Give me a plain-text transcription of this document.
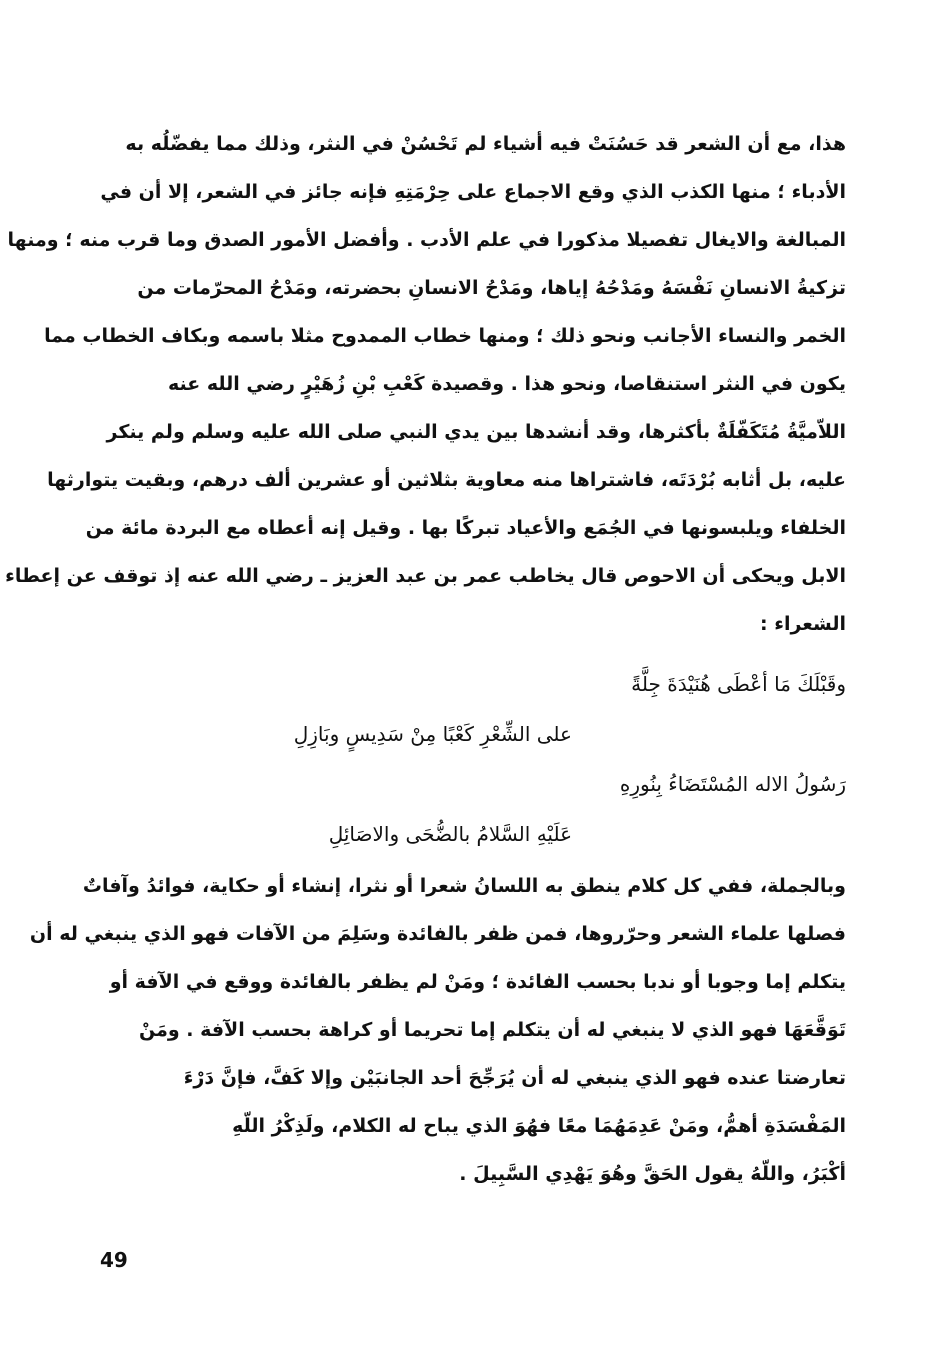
هذا، مع أن الشعر قد حَسُنَتْ فيه أشياء لم تَحْسُنْ في النثر، وذلك مما يفضّلُه به
الأدباء ؛ منها الكذب الذي وقع الاجماع على حِرْمَتِهِ فإنه جائز في الشعر، إلا أن في
المبالغة والايغال تفصيلا مذكورا في علم الأدب . وأفضل الأمور الصدق وما قرب منه ؛ ومنها
تزكيةُ الانسانِ نَفْسَهُ ومَدْحُهُ إياها، ومَدْحُ الانسانِ بحضرته، ومَدْحُ المحرّمات من
الخمر والنساء الأجانب ونحو ذلك ؛ ومنها خطاب الممدوح مثلا باسمه وبكاف الخطاب مما
يكون في النثر استنقاصا، ونحو هذا . وقصيدة كَعْبِ بْنِ زُهَيْرٍ رضي الله عنه
اللاّميَّةُ مُتَكَفّلَةٌ بأكثرها، وقد أنشدها بين يدي النبي صلى الله عليه وسلم ولم ينكر
عليه، بل أثابه بُرْدَتَه، فاشتراها منه معاوية بثلاثين أو عشرين ألف درهم، وبقيت يتوارثها
الخلفاء ويلبسونها في الجُمَع والأعياد تبركًا بها . وقيل إنه أعطاه مع البردة مائة من
الابل ويحكى أن الاحوص قال يخاطب عمر بن عبد العزيز ـ رضي الله عنه إذ توقف عن إعطاء
الشعراء :
وقَبْلَكَ مَا أعْطَى هُنَيْدَةَ جِلَّةً
على الشِّعْرِ كَعْبًا مِنْ سَدِيسٍ وبَازِلِ
رَسُولُ الاله المُسْتَضَاءُ بِنُورِهِ
عَلَيْهِ السَّلامُ بالضُّحَى والاصَائِلِ
وبالجملة، ففي كل كلام ينطق به اللسانُ شعرا أو نثرا، إنشاء أو حكاية، فوائدُ وآفاتٌ
فصلها علماء الشعر وحرّروها، فمن ظفر بالفائدة وسَلِمَ من الآفات فهو الذي ينبغي له أن
يتكلم إما وجوبا أو ندبا بحسب الفائدة ؛ ومَنْ لم يظفر بالفائدة ووقع في الآفة أو
تَوَقَّعَهَا فهو الذي لا ينبغي له أن يتكلم إما تحريما أو كراهة بحسب الآفة . ومَنْ
تعارضتا عنده فهو الذي ينبغي له أن يُرَجِّحَ أحد الجانبَيْن وإلا كَفَّ، فإنَّ دَرْءَ
المَفْسَدَةِ أهمُّ، ومَنْ عَدِمَهُمَا معًا فهُوَ الذي يباح له الكلام، ولَذِكْرُ اللّهِ
أكْبَرُ، واللّهُ يقول الحَقَّ وهُوَ يَهْدِي السَّبِيلَ .
49
